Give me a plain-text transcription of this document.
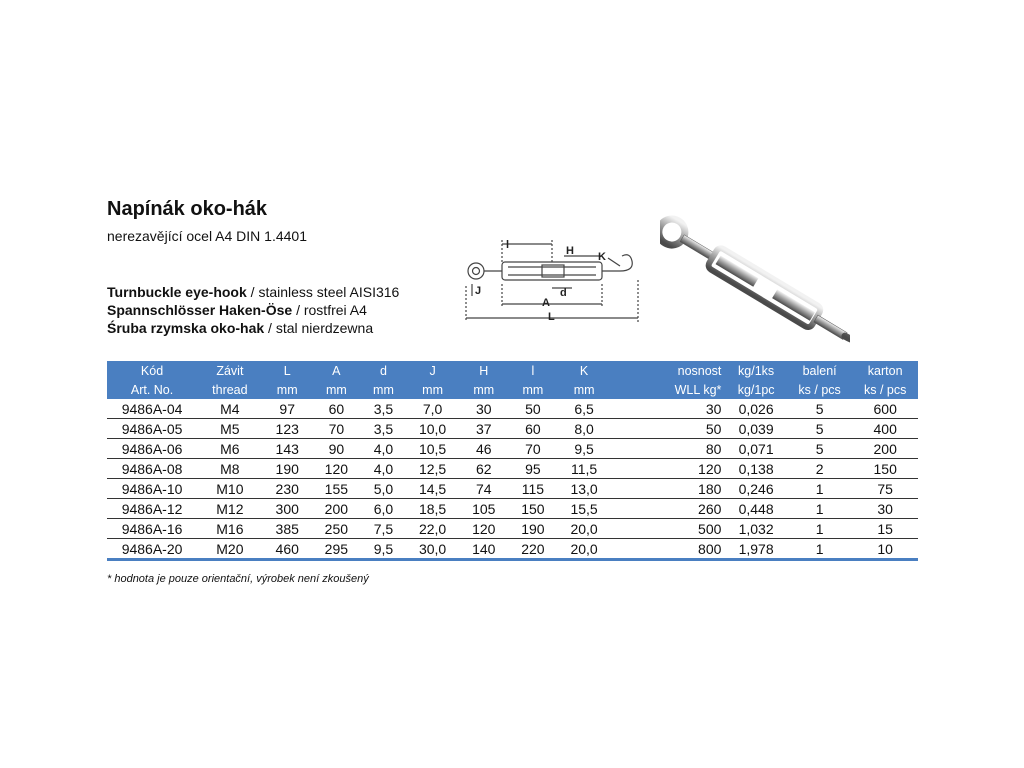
Napínák oko-hák
nerezavějící ocel A4 DIN 1.4401
Turnbuckle eye-hook / stainless steel AISI316
Spannschlösser Haken-Öse / rostfrei A4
Śruba rzymska oko-hak / stal nierdzewna
l	H K
J	d
A
L
Kód	Závit	L	A	d	J	H	l	K	nosnost	kg/1ks	balení	karton
Art. No.	thread	mm	mm	mm	mm	mm	mm	mm	WLL kg*	kg/1pc	ks / pcs	ks / pcs
9486A-04	M4	97	60	3,5	7,0	30	50	6,5	30	0,026	5	600
9486A-05	M5	123	70	3,5	10,0	37	60	8,0	50	0,039	5	400
9486A-06	M6	143	90	4,0	10,5	46	70	9,5	80	0,071	5	200
9486A-08	M8	190	120	4,0	12,5	62	95	11,5	120	0,138	2	150
9486A-10	M10	230	155	5,0	14,5	74	115	13,0	180	0,246	1	75
9486A-12	M12	300	200	6,0	18,5	105	150	15,5	260	0,448	1	30
9486A-16	M16	385	250	7,5	22,0	120	190	20,0	500	1,032	1	15
9486A-20	M20	460	295	9,5	30,0	140	220	20,0	800	1,978	1	10
* hodnota je pouze orientační, výrobek není zkoušený
